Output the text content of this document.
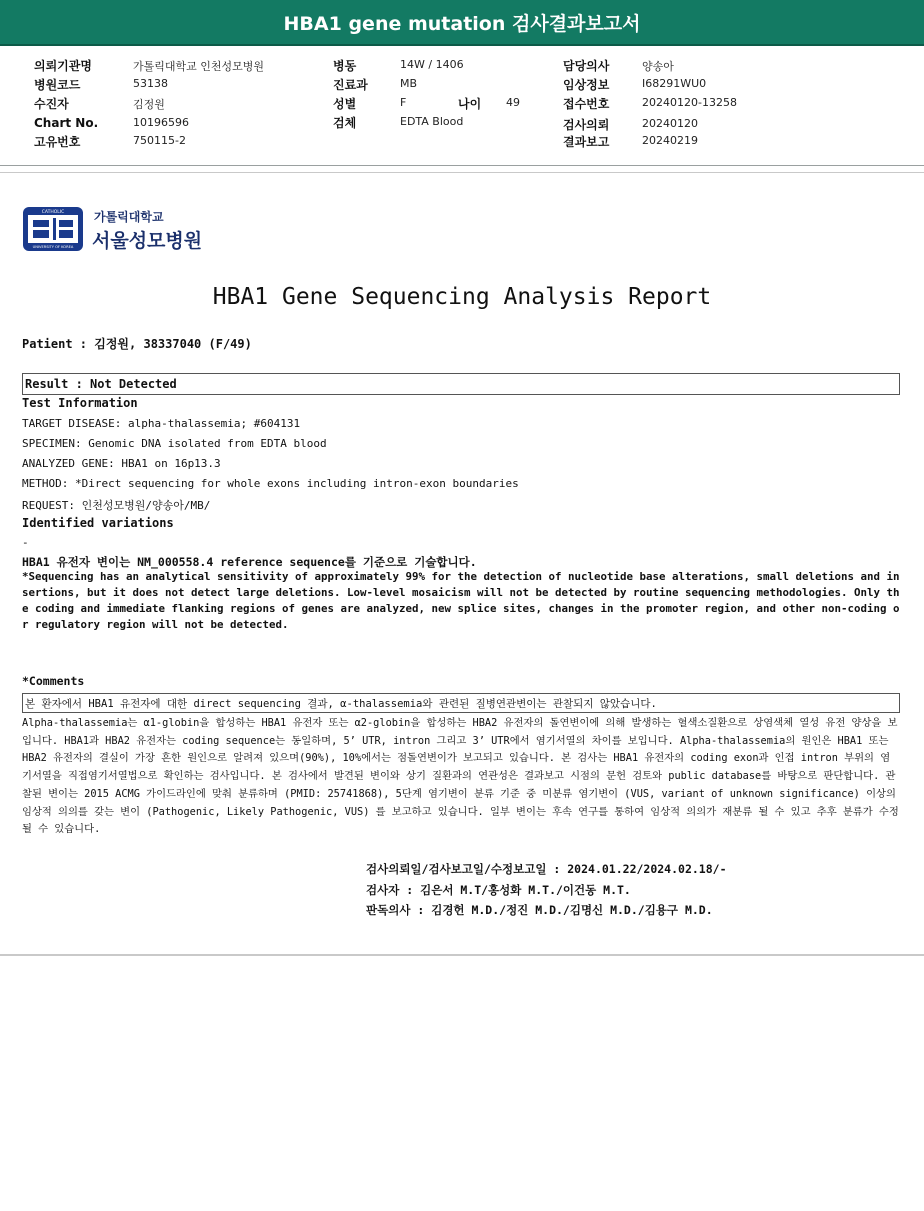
HBA1 gene mutation 검사결과보고서
의뢰기관명	가톨릭대학교 인천성모병원
병원코드	53138
수진자	김정원
Chart No.	10196596
고유번호	750115-2
병동	14W / 1406
진료과	MB
성별	F	나이 49
검체	EDTA Blood
담당의사	양송아
임상정보	I68291WU0
접수번호	20240120-13258
검사의뢰	20240120
결과보고	20240219
CATHOLIC
UNIVERSITY OF KOREA
가톨릭대학교
서울성모병원
HBA1 Gene Sequencing Analysis Report
Patient : 김정원, 38337040 (F/49)
Result : Not Detected
Test Information
TARGET DISEASE: alpha-thalassemia; #604131
SPECIMEN: Genomic DNA isolated from EDTA blood
ANALYZED GENE: HBA1 on 16p13.3
METHOD: *Direct sequencing for whole exons including intron-exon boundaries
REQUEST: 인천성모병원/양송아/MB/
Identified variations
-
HBA1 유전자 변이는 NM_000558.4 reference sequence를 기준으로 기술합니다.
*Sequencing has an analytical sensitivity of approximately 99% for the detection of nucleotide base alterations, small deletions and insertions, but it does not detect large deletions. Low-level mosaicism will not be detected by routine sequencing methodologies. Only the coding and immediate flanking regions of genes are analyzed, new splice sites, changes in the promoter region, and other non-coding or regulatory region will not be detected.
*Comments
본 환자에서 HBA1 유전자에 대한 direct sequencing 결과, α-thalassemia와 관련된 질병연관변이는 관찰되지 않았습니다.
Alpha-thalassemia는 α1-globin을 합성하는 HBA1 유전자 또는 α2-globin을 합성하는 HBA2 유전자의 돌연변이에 의해 발생하는 혈색소질환으로 상염색체 열성 유전 양상을 보입니다. HBA1과 HBA2 유전자는 coding sequence는 동일하며, 5’ UTR, intron 그리고 3’ UTR에서 염기서열의 차이를 보입니다. Alpha-thalassemia의 원인은 HBA1 또는 HBA2 유전자의 결실이 가장 흔한 원인으로 알려져 있으며(90%), 10%에서는 점돌연변이가 보고되고 있습니다. 본 검사는 HBA1 유전자의 coding exon과 인접 intron 부위의 염기서열을 직접염기서열법으로 확인하는 검사입니다. 본 검사에서 발견된 변이와 상기 질환과의 연관성은 결과보고 시점의 문헌 검토와 public database를 바탕으로 판단합니다. 관찰된 변이는 2015 ACMG 가이드라인에 맞춰 분류하며 (PMID: 25741868), 5단계 염기변이 분류 기준 중 미분류 염기변이 (VUS, variant of unknown significance) 이상의 임상적 의의를 갖는 변이 (Pathogenic, Likely Pathogenic, VUS) 를 보고하고 있습니다. 일부 변이는 후속 연구를 통하여 임상적 의의가 재분류 될 수 있고 추후 분류가 수정될 수 있습니다.
검사의뢰일/검사보고일/수정보고일 : 2024.01.22/2024.02.18/-
검사자 : 김은서 M.T/홍성화 M.T./이건동 M.T.
판독의사 : 김경헌 M.D./정진 M.D./김명신 M.D./김용구 M.D.
